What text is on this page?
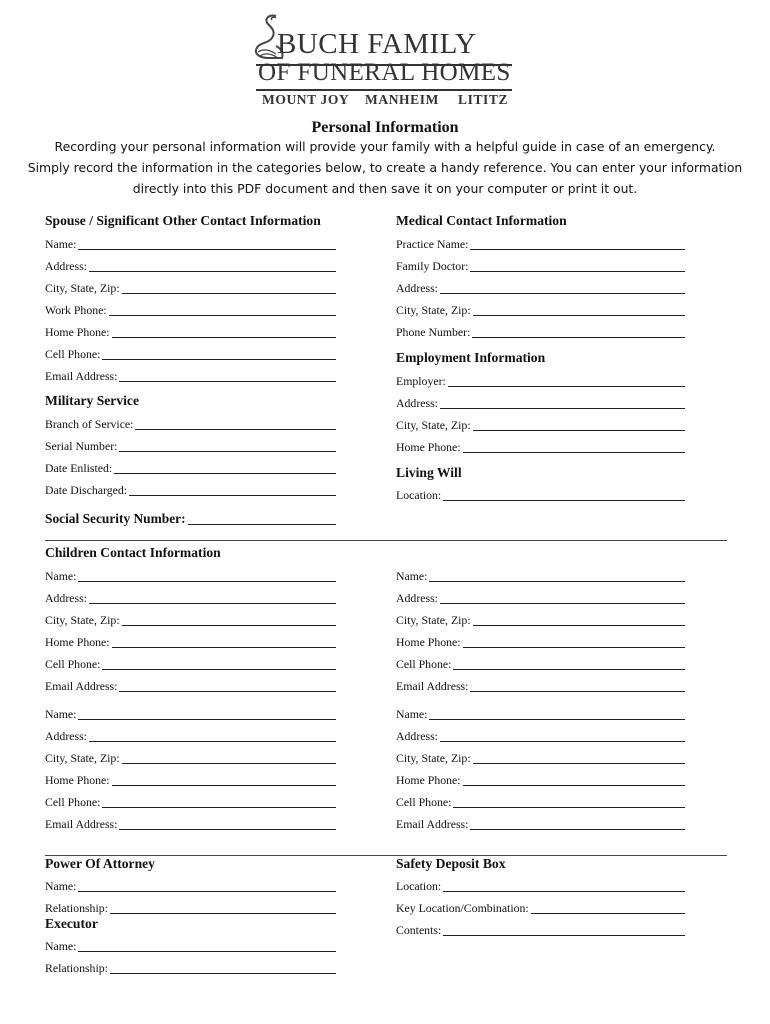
BUCH FAMILY
OF FUNERAL HOMES
MOUNT JOY MANHEIM LITITZ
Personal Information
Recording your personal information will provide your family with a helpful guide in case of an emergency.
Simply record the information in the categories below, to create a handy reference. You can enter your information
directly into this PDF document and then save it on your computer or print it out.
Spouse / Significant Other Contact Information
Name:
Address:
City, State, Zip:
Work Phone:
Home Phone:
Cell Phone:
Email Address:
Medical Contact Information
Practice Name:
Family Doctor:
Address:
City, State, Zip:
Phone Number:
Employment Information
Employer:
Address:
City, State, Zip:
Home Phone:
Military Service
Branch of Service:
Serial Number:
Date Enlisted:
Date Discharged:
Living Will
Location:
Social Security Number:
Children Contact Information
Name:
Address:
City, State, Zip:
Home Phone:
Cell Phone:
Email Address:
Name:
Address:
City, State, Zip:
Home Phone:
Cell Phone:
Email Address:
Name:
Address:
City, State, Zip:
Home Phone:
Cell Phone:
Email Address:
Name:
Address:
City, State, Zip:
Home Phone:
Cell Phone:
Email Address:
Power Of Attorney
Name:
Relationship:
Executor
Name:
Relationship:
Safety Deposit Box
Location:
Key Location/Combination:
Contents:
